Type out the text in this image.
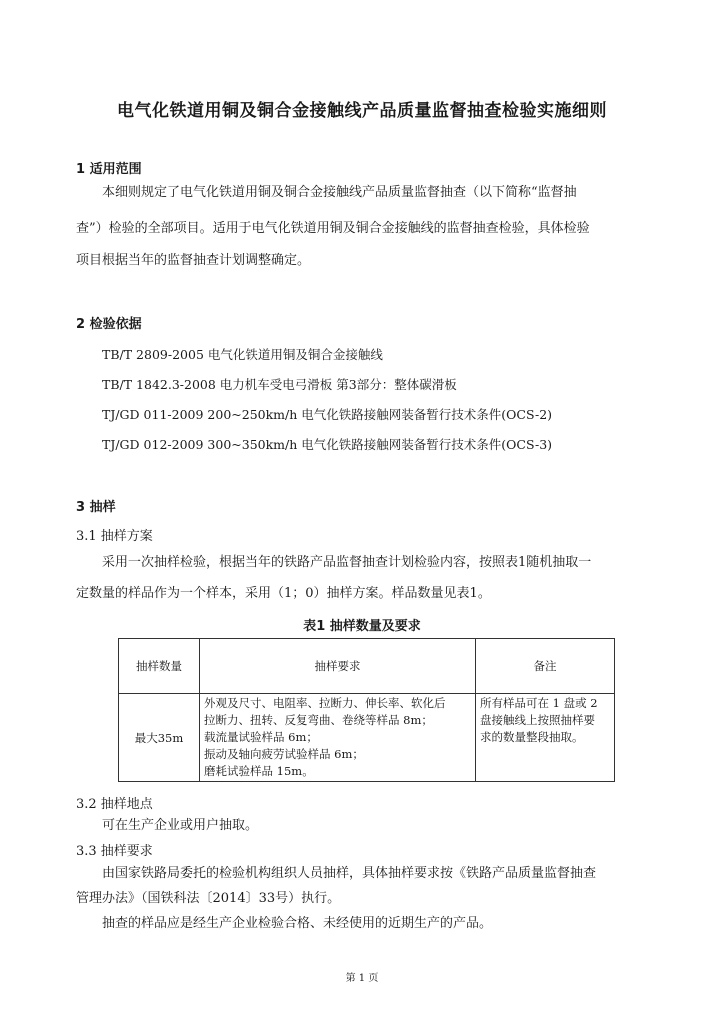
电气化铁道用铜及铜合金接触线产品质量监督抽查检验实施细则
1 适用范围
本细则规定了电气化铁道用铜及铜合金接触线产品质量监督抽查（以下简称“监督抽
查”）检验的全部项目。适用于电气化铁道用铜及铜合金接触线的监督抽查检验，具体检验
项目根据当年的监督抽查计划调整确定。
2 检验依据
TB/T 2809-2005 电气化铁道用铜及铜合金接触线
TB/T 1842.3-2008 电力机车受电弓滑板 第3部分：整体碳滑板
TJ/GD 011-2009 200~250km/h 电气化铁路接触网装备暂行技术条件(OCS-2)
TJ/GD 012-2009 300~350km/h 电气化铁路接触网装备暂行技术条件(OCS-3)
3 抽样
3.1 抽样方案
采用一次抽样检验，根据当年的铁路产品监督抽查计划检验内容，按照表1随机抽取一
定数量的样品作为一个样本，采用（1；0）抽样方案。样品数量见表1。
表1 抽样数量及要求
抽样数量	抽样要求	备注
最大35m	外观及尺寸、电阻率、拉断力、伸长率、软化后
拉断力、扭转、反复弯曲、卷绕等样品 8m；
载流量试验样品 6m；
振动及轴向疲劳试验样品 6m；
磨耗试验样品 15m。	所有样品可在 1 盘或 2
盘接触线上按照抽样要
求的数量整段抽取。
3.2 抽样地点
可在生产企业或用户抽取。
3.3 抽样要求
由国家铁路局委托的检验机构组织人员抽样，具体抽样要求按《铁路产品质量监督抽查
管理办法》（国铁科法〔2014〕33号）执行。
抽查的样品应是经生产企业检验合格、未经使用的近期生产的产品。
第 1 页
